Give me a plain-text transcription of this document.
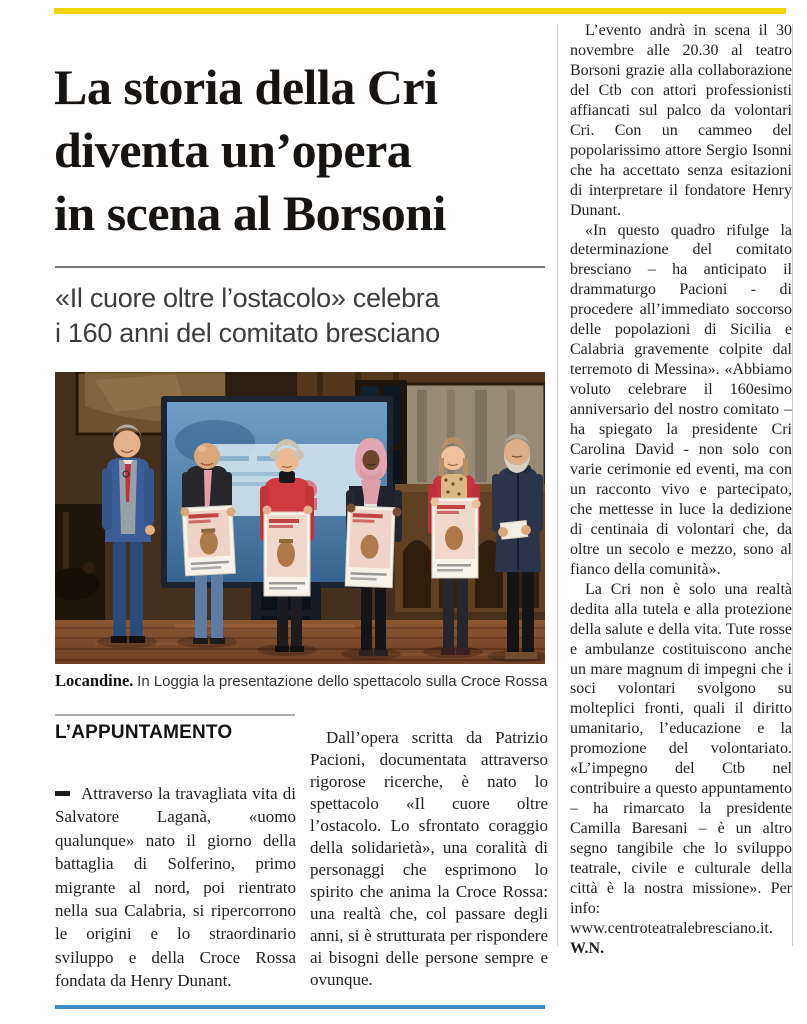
La storia della Cri
diventa un’opera
in scena al Borsoni
«Il cuore oltre l’ostacolo» celebra
i 160 anni del comitato bresciano
Locandine. In Loggia la presentazione dello spettacolo sulla Croce Rossa
L’APPUNTAMENTO

Attraverso la travagliata vita di Salvatore Laganà, «uomo qualunque» nato il giorno della battaglia di Solferino, primo migrante al nord, poi rientrato nella sua Calabria, si ripercorrono le origini e lo straordinario sviluppo e della Croce Rossa fondata da Henry Dunant.

Dall’opera scritta da Patrizio Pacioni, documentata attraverso rigorose ricerche, è nato lo spettacolo «Il cuore oltre l’ostacolo. Lo sfrontato coraggio della solidarietà», una coralità di personaggi che esprimono lo spirito che anima la Croce Rossa: una realtà che, col passare degli anni, si è strutturata per rispondere ai bisogni delle persone sempre e ovunque.

L’evento andrà in scena il 30 novembre alle 20.30 al teatro Borsoni grazie alla collaborazione del Ctb con attori professionisti affiancati sul palco da volontari Cri. Con un cammeo del popolarissimo attore Sergio Isonni che ha accettato senza esitazioni di interpretare il fondatore Henry Dunant.

«In questo quadro rifulge la determinazione del comitato bresciano – ha anticipato il drammaturgo Pacioni - di procedere all’immediato soccorso delle popolazioni di Sicilia e Calabria gravemente colpite dal terremoto di Messina». «Abbiamo voluto celebrare il 160esimo anniversario del nostro comitato – ha spiegato la presidente Cri Carolina David - non solo con varie cerimonie ed eventi, ma con un racconto vivo e partecipato, che mettesse in luce la dedizione di centinaia di volontari che, da oltre un secolo e mezzo, sono al fianco della comunità».

La Cri non è solo una realtà dedita alla tutela e alla protezione della salute e della vita. Tute rosse e ambulanze costituiscono anche un mare magnum di impegni che i soci volontari svolgono su molteplici fronti, quali il diritto umanitario, l’educazione e la promozione del volontariato. «L’impegno del Ctb nel contribuire a questo appuntamento – ha rimarcato la presidente Camilla Baresani – è un altro segno tangibile che lo sviluppo teatrale, civile e culturale della città è la nostra missione». Per info: www.centroteatralebresciano.it. W.N.
